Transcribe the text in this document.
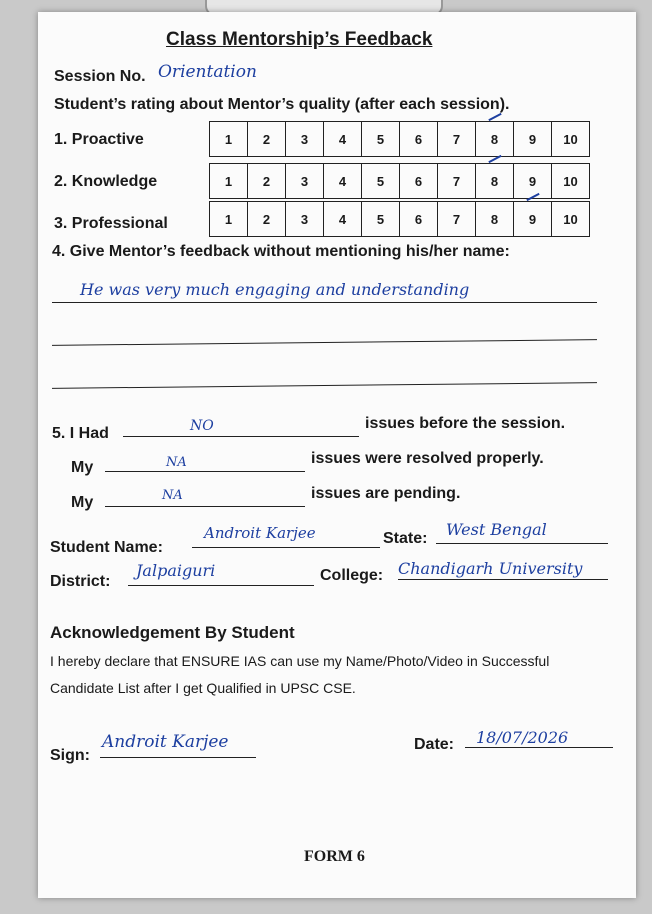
Class Mentorship’s Feedback
Session No. Orientation
Student’s rating about Mentor’s quality (after each session).
1. Proactive	1 2 3 4 5 6 7 8 9 10
2. Knowledge	1 2 3 4 5 6 7 8 9 10
3. Professional	1 2 3 4 5 6 7 8 9 10
4. Give Mentor’s feedback without mentioning his/her name:
He was very much engaging and understanding
5. I Had	NO	issues before the session.
My	NA	issues were resolved properly.
My	NA	issues are pending.
Student Name:
Androit Karjee	State: West Bengal
District:
Jalpaiguri	College: Chandigarh University
Acknowledgement By Student
I hereby declare that ENSURE IAS can use my Name/Photo/Video in Successful
Candidate List after I get Qualified in UPSC CSE.
Sign:
Androit Karjee	Date: 18/07/2026
FORM 6
